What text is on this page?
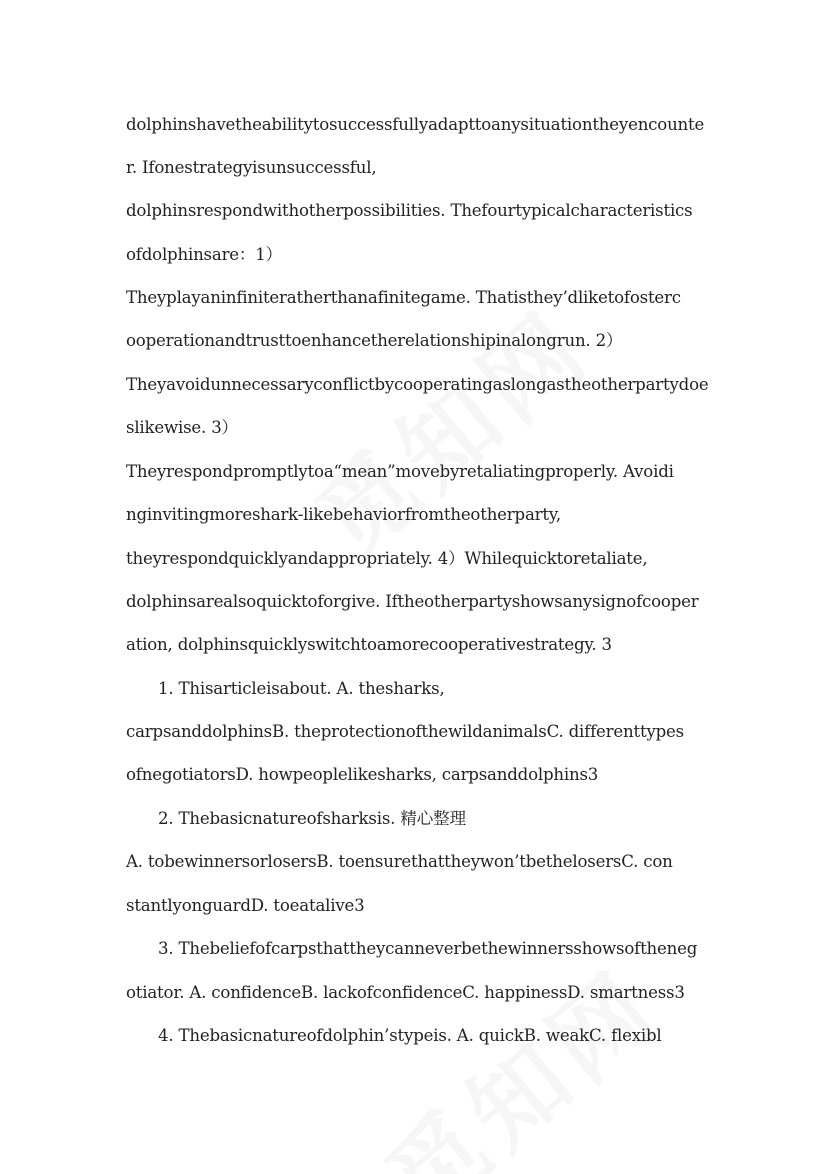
dolphinshavetheabilitytosuccessfullyadapttoanysituationtheyencounte
r. Ifonestrategyisunsuccessful,
dolphinsrespondwithotherpossibilities. Thefourtypicalcharacteristics
ofdolphinsare：1）
Theyplayaninfiniteratherthanafinitegame. Thatisthey’dliketofosterc
ooperationandtrusttoenhancetherelationshipinalongrun. 2）
Theyavoidunnecessaryconflictbycooperatingaslongastheotherpartydoe
slikewise. 3）
Theyrespondpromptlytoa“mean”movebyretaliatingproperly. Avoidi
nginvitingmoreshark-likebehaviorfromtheotherparty,
theyrespondquicklyandappropriately. 4）Whilequicktoretaliate,
dolphinsarealsoquicktoforgive. Iftheotherpartyshowsanysignofcooper
ation, dolphinsquicklyswitchtoamorecooperativestrategy. 3
1. Thisarticleisabout. A. thesharks,
carpsanddolphinsB. theprotectionofthewildanimalsC. differenttypes
ofnegotiatorsD. howpeoplelikesharks, carpsanddolphins3
2. Thebasicnatureofsharksis. 精心整理
A. tobewinnersorlosersB. toensurethattheywon’tbethelosersC. con
stantlyonguardD. toeatalive3
3. Thebeliefofcarpsthattheycanneverbethewinnersshowsoftheneg
otiator. A. confidenceB. lackofconfidenceC. happinessD. smartness3
4. Thebasicnatureofdolphin’stypeis. A. quickB. weakC. flexibl
